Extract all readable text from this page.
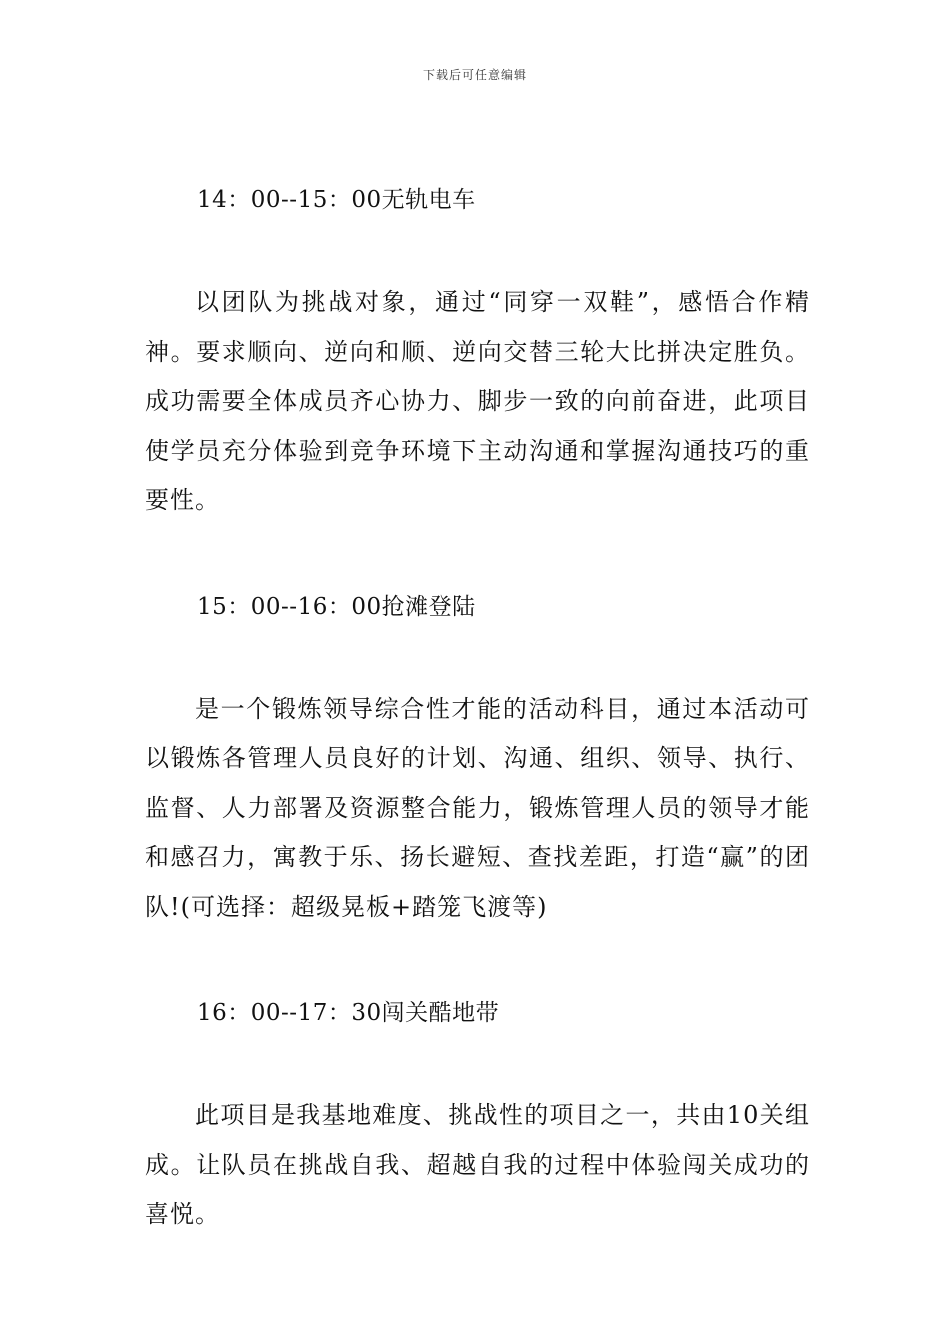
下载后可任意编辑
14：00--15：00无轨电车

以团队为挑战对象，通过“同穿一双鞋”，感悟合作精神。要求顺向、逆向和顺、逆向交替三轮大比拼决定胜负。成功需要全体成员齐心协力、脚步一致的向前奋进，此项目使学员充分体验到竞争环境下主动沟通和掌握沟通技巧的重要性。

15：00--16：00抢滩登陆

是一个锻炼领导综合性才能的活动科目，通过本活动可以锻炼各管理人员良好的计划、沟通、组织、领导、执行、监督、人力部署及资源整合能力，锻炼管理人员的领导才能和感召力，寓教于乐、扬长避短、查找差距，打造“赢”的团队!(可选择：超级晃板+踏笼飞渡等)

16：00--17：30闯关酷地带

此项目是我基地难度、挑战性的项目之一，共由10关组成。让队员在挑战自我、超越自我的过程中体验闯关成功的喜悦。
